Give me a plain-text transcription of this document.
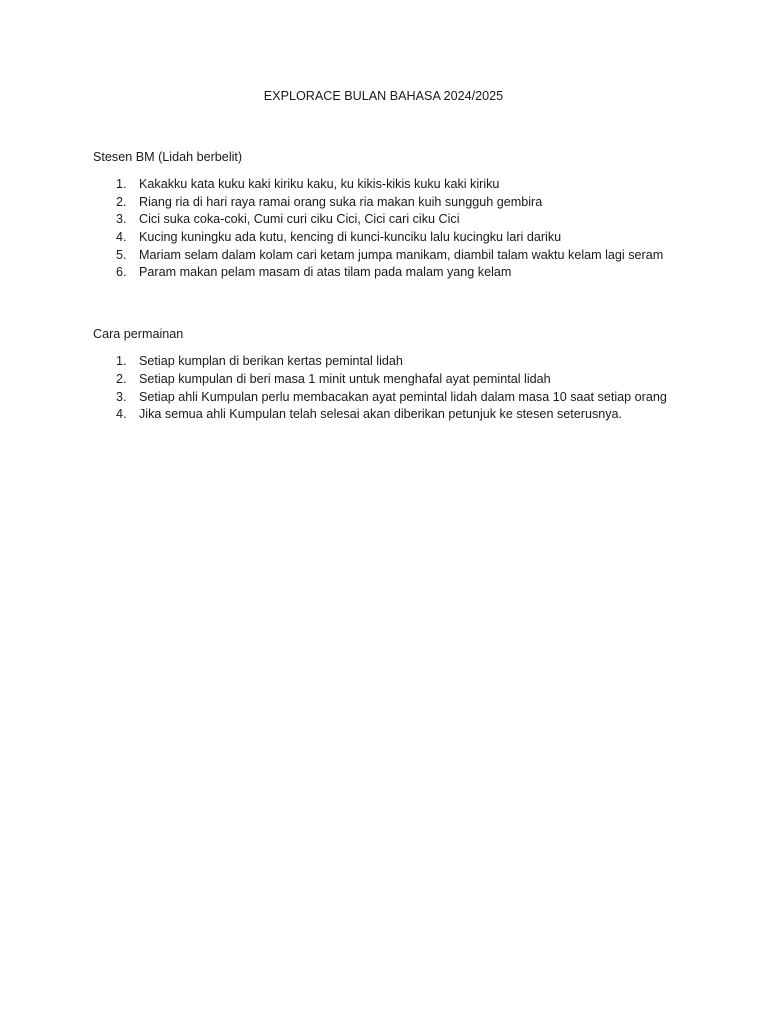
EXPLORACE BULAN BAHASA 2024/2025
Stesen BM (Lidah berbelit)
1. Kakakku kata kuku kaki kiriku kaku, ku kikis-kikis kuku kaki kiriku
2. Riang ria di hari raya ramai orang suka ria makan kuih sungguh gembira
3. Cici suka coka-coki, Cumi curi ciku Cici, Cici cari ciku Cici
4. Kucing kuningku ada kutu, kencing di kunci-kunciku lalu kucingku lari dariku
5. Mariam selam dalam kolam cari ketam jumpa manikam, diambil talam waktu kelam lagi seram
6. Param makan pelam masam di atas tilam pada malam yang kelam
Cara permainan
1. Setiap kumplan di berikan kertas pemintal lidah
2. Setiap kumpulan di beri masa 1 minit untuk menghafal ayat pemintal lidah
3. Setiap ahli Kumpulan perlu membacakan ayat pemintal lidah dalam masa 10 saat setiap orang
4. Jika semua ahli Kumpulan telah selesai akan diberikan petunjuk ke stesen seterusnya.
